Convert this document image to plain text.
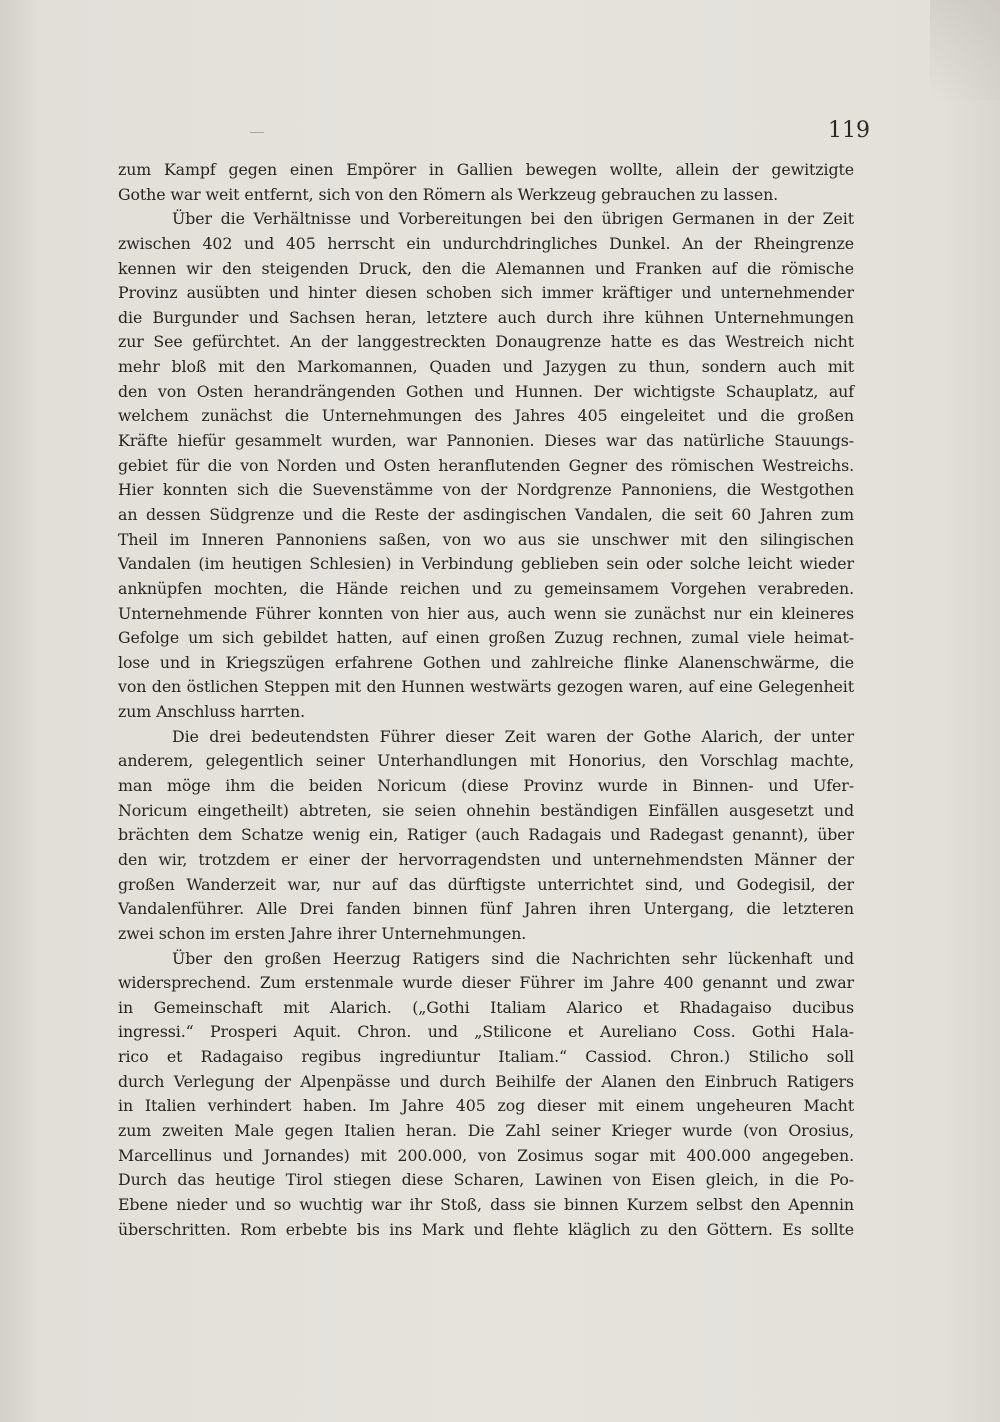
119
zum Kampf gegen einen Empörer in Gallien bewegen wollte, allein der gewitzigte
Gothe war weit entfernt, sich von den Römern als Werkzeug gebrauchen zu lassen.
Über die Verhältnisse und Vorbereitungen bei den übrigen Germanen in der Zeit
zwischen 402 und 405 herrscht ein undurchdringliches Dunkel. An der Rheingrenze
kennen wir den steigenden Druck, den die Alemannen und Franken auf die römische
Provinz ausübten und hinter diesen schoben sich immer kräftiger und unternehmender
die Burgunder und Sachsen heran, letztere auch durch ihre kühnen Unternehmungen
zur See gefürchtet. An der langgestreckten Donaugrenze hatte es das Westreich nicht
mehr bloß mit den Markomannen, Quaden und Jazygen zu thun, sondern auch mit
den von Osten herandrängenden Gothen und Hunnen. Der wichtigste Schauplatz, auf
welchem zunächst die Unternehmungen des Jahres 405 eingeleitet und die großen
Kräfte hiefür gesammelt wurden, war Pannonien. Dieses war das natürliche Stauungs-
gebiet für die von Norden und Osten heranflutenden Gegner des römischen Westreichs.
Hier konnten sich die Suevenstämme von der Nordgrenze Pannoniens, die Westgothen
an dessen Südgrenze und die Reste der asdingischen Vandalen, die seit 60 Jahren zum
Theil im Inneren Pannoniens saßen, von wo aus sie unschwer mit den silingischen
Vandalen (im heutigen Schlesien) in Verbindung geblieben sein oder solche leicht wieder
anknüpfen mochten, die Hände reichen und zu gemeinsamem Vorgehen verabreden.
Unternehmende Führer konnten von hier aus, auch wenn sie zunächst nur ein kleineres
Gefolge um sich gebildet hatten, auf einen großen Zuzug rechnen, zumal viele heimat-
lose und in Kriegszügen erfahrene Gothen und zahlreiche flinke Alanenschwärme, die
von den östlichen Steppen mit den Hunnen westwärts gezogen waren, auf eine Gelegenheit
zum Anschluss harrten.
Die drei bedeutendsten Führer dieser Zeit waren der Gothe Alarich, der unter
anderem, gelegentlich seiner Unterhandlungen mit Honorius, den Vorschlag machte,
man möge ihm die beiden Noricum (diese Provinz wurde in Binnen- und Ufer-
Noricum eingetheilt) abtreten, sie seien ohnehin beständigen Einfällen ausgesetzt und
brächten dem Schatze wenig ein, Ratiger (auch Radagais und Radegast genannt), über
den wir, trotzdem er einer der hervorragendsten und unternehmendsten Männer der
großen Wanderzeit war, nur auf das dürftigste unterrichtet sind, und Godegisil, der
Vandalenführer. Alle Drei fanden binnen fünf Jahren ihren Untergang, die letzteren
zwei schon im ersten Jahre ihrer Unternehmungen.
Über den großen Heerzug Ratigers sind die Nachrichten sehr lückenhaft und
widersprechend. Zum erstenmale wurde dieser Führer im Jahre 400 genannt und zwar
in Gemeinschaft mit Alarich. („Gothi Italiam Alarico et Rhadagaiso ducibus
ingressi.“ Prosperi Aquit. Chron. und „Stilicone et Aureliano Coss. Gothi Hala-
rico et Radagaiso regibus ingrediuntur Italiam.“ Cassiod. Chron.) Stilicho soll
durch Verlegung der Alpenpässe und durch Beihilfe der Alanen den Einbruch Ratigers
in Italien verhindert haben. Im Jahre 405 zog dieser mit einem ungeheuren Macht
zum zweiten Male gegen Italien heran. Die Zahl seiner Krieger wurde (von Orosius,
Marcellinus und Jornandes) mit 200.000, von Zosimus sogar mit 400.000 angegeben.
Durch das heutige Tirol stiegen diese Scharen, Lawinen von Eisen gleich, in die Po-
Ebene nieder und so wuchtig war ihr Stoß, dass sie binnen Kurzem selbst den Apennin
überschritten. Rom erbebte bis ins Mark und flehte kläglich zu den Göttern. Es sollte
